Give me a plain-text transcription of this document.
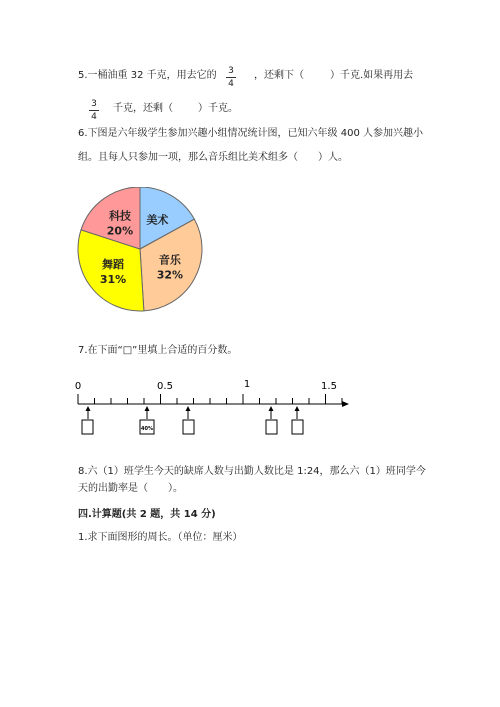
5.一桶油重 32 千克，用去它的 3
4
，还剩下（	）千克.如果再用去
3
4
千克，还剩（	）千克。
6.下图是六年级学生参加兴趣小组情况统计图，已知六年级 400 人参加兴趣小
组。且每人只参加一项，那么音乐组比美术组多（　　）人。
美术
音乐
32%
舞蹈
31%
科技
20%
7.在下面“□”里填上合适的百分数。
0	0.5	1	1.5
40%
8.六（1）班学生今天的缺席人数与出勤人数比是 1:24，那么六（1）班同学今
天的出勤率是（　　）。
四.计算题(共 2 题，共 14 分)
1.求下面图形的周长。（单位：厘米）
